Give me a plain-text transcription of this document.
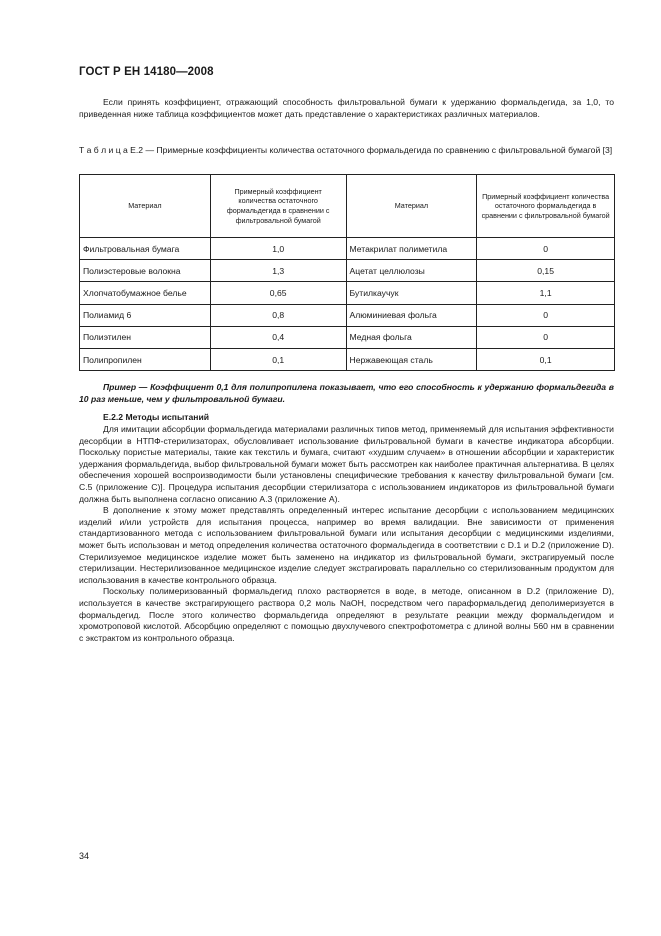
ГОСТ Р ЕН 14180—2008

Если принять коэффициент, отражающий способность фильтровальной бумаги к удержанию формальдегида, за 1,0, то приведенная ниже таблица коэффициентов может дать представление о характеристиках различных материалов.

Т а б л и ц а Е.2 — Примерные коэффициенты количества остаточного формальдегида по сравнению с фильтровальной бумагой [3]
Материал	Примерный коэффициент количества остаточного формальдегида в сравнении с фильтровальной бумагой	Материал	Примерный коэффициент количества остаточного формальдегида в сравнении с фильтровальной бумагой
Фильтровальная бумага	1,0	Метакрилат полиметила	0
Полиэстеровые волокна	1,3	Ацетат целлюлозы	0,15
Хлопчатобумажное белье	0,65	Бутилкаучук	1,1
Полиамид 6	0,8	Алюминиевая фольга	0
Полиэтилен	0,4	Медная фольга	0
Полипропилен	0,1	Нержавеющая сталь	0,1
Пример — Коэффициент 0,1 для полипропилена показывает, что его способность к удержанию формальдегида в 10 раз меньше, чем у фильтровальной бумаги.
Е.2.2 Методы испытаний

Для имитации абсорбции формальдегида материалами различных типов метод, применяемый для испытания эффективности десорбции в НТПФ-стерилизаторах, обусловливает использование фильтровальной бумаги в качестве индикатора абсорбции. Поскольку пористые материалы, такие как текстиль и бумага, считают «худшим случаем» в отношении абсорбции и характеристик удержания формальдегида, выбор фильтровальной бумаги может быть рассмотрен как наиболее практичная альтернатива. В целях обеспечения хорошей воспроизводимости были установлены специфические требования к качеству фильтровальной бумаги [см. С.5 (приложение С)]. Процедура испытания десорбции стерилизатора с использованием индикаторов из фильтровальной бумаги должна быть выполнена согласно описанию А.3 (приложение А).

В дополнение к этому может представлять определенный интерес испытание десорбции с использованием медицинских изделий и/или устройств для испытания процесса, например во время валидации. Вне зависимости от применения стандартизованного метода с использованием фильтровальной бумаги или испытания десорбции с медицинскими изделиями, может быть использован и метод определения количества остаточного формальдегида в соответствии с D.1 и D.2 (приложение D). Стерилизуемое медицинское изделие может быть заменено на индикатор из фильтровальной бумаги, экстрагируемый после стерилизации. Нестерилизованное медицинское изделие следует экстрагировать параллельно со стерилизованным продуктом для использования в качестве контрольного образца.

Поскольку полимеризованный формальдегид плохо растворяется в воде, в методе, описанном в D.2 (приложение D), используется в качестве экстрагирующего раствора 0,2 моль NaOH, посредством чего параформальдегид деполимеризуется в формальдегид. После этого количество формальдегида определяют в результате реакции между формальдегидом и хромотроповой кислотой. Абсорбцию определяют с помощью двухлучевого спектрофотометра с длиной волны 560 нм в сравнении с экстрактом из контрольного образца.

34
